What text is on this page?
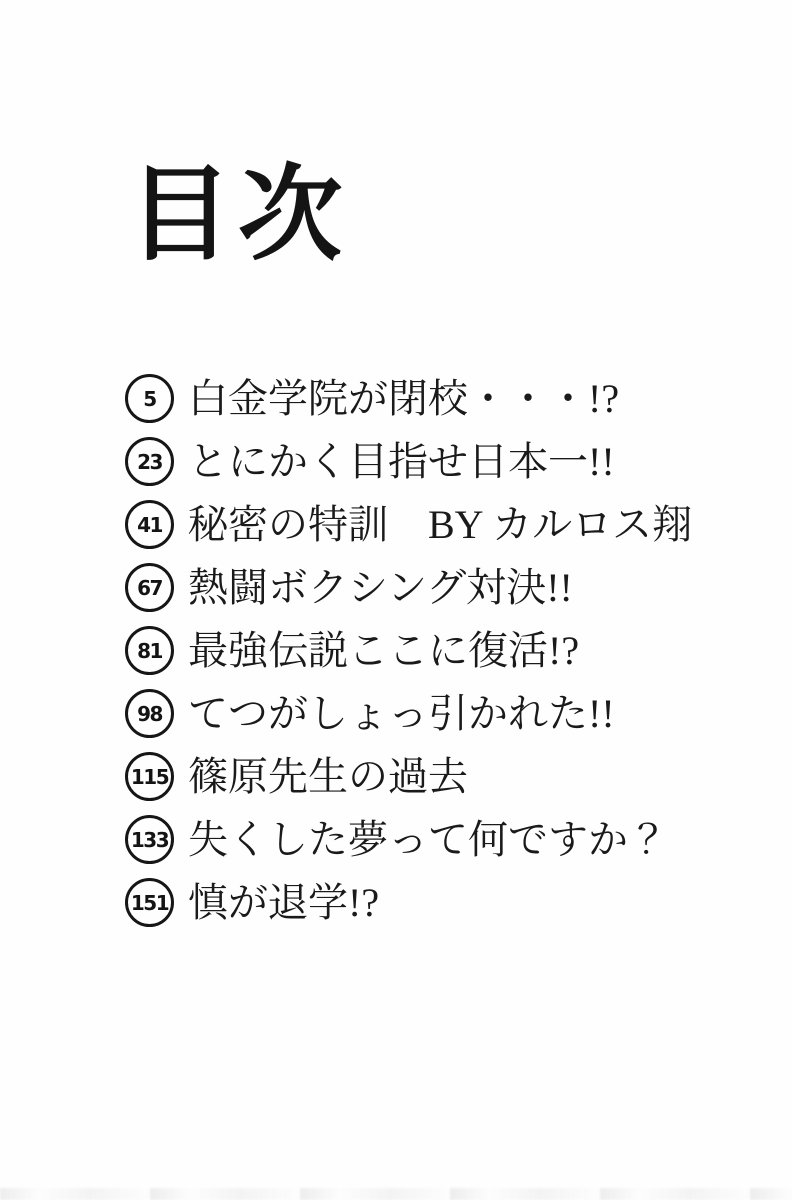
目次
5 白金学院が閉校・・・!?
23 とにかく目指せ日本一!!
41 秘密の特訓　BY カルロス翔
67 熱闘ボクシング対決!!
81 最強伝説ここに復活!?
98 てつがしょっ引かれた!!
115 篠原先生の過去
133 失くした夢って何ですか？
151 慎が退学!?
